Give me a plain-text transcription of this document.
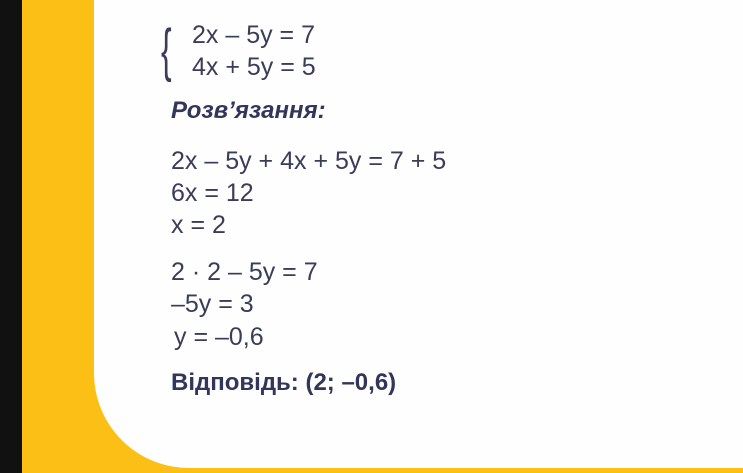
{ 2x – 5y = 7
4x + 5y = 5
Розв’язання:
2x – 5y + 4x + 5y = 7 + 5
6x = 12
x = 2
2 · 2 – 5y = 7
–5y = 3
y = –0,6
Відповідь: (2; –0,6)
